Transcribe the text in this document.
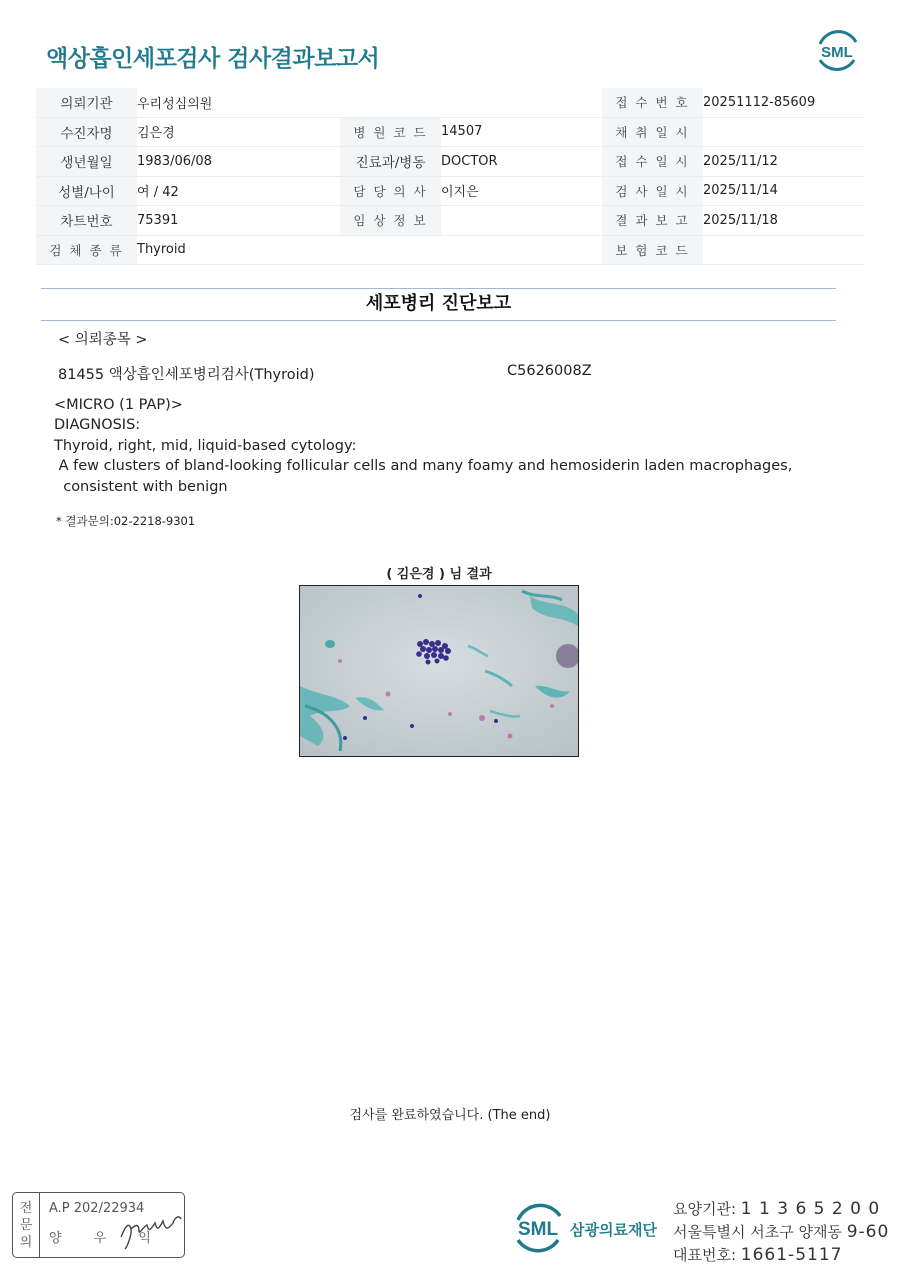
액상흡인세포검사 검사결과보고서	SML
의뢰기관	우리성심의원			접 수 번 호	20251112-85609
수진자명	김은경	병 원 코 드	14507	채 취 일 시	
생년월일	1983/06/08	진료과/병동	DOCTOR	접 수 일 시	2025/11/12
성별/나이	여 / 42	담 당 의 사	이지은	검 사 일 시	2025/11/14
차트번호	75391	임 상 정 보		결 과 보 고	2025/11/18
검 체 종 류	Thyroid			보 험 코 드	
세포병리 진단보고
< 의뢰종목 >
81455 액상흡인세포병리검사(Thyroid)	C5626008Z
<MICRO (1 PAP)>
DIAGNOSIS:
Thyroid, right, mid, liquid-based cytology:
A few clusters of bland-looking follicular cells and many foamy and hemosiderin laden macrophages,
consistent with benign
* 결과문의:02-2218-9301
( 김은경 ) 님 결과
검사를 완료하였습니다. (The end)
전
문
의
A.P 202/22934
양 우 익	SML 삼광의료재단
요양기관: 1 1 3 6 5 2 0 0
서울특별시 서초구 양재동 9-60
대표번호: 1661-5117
